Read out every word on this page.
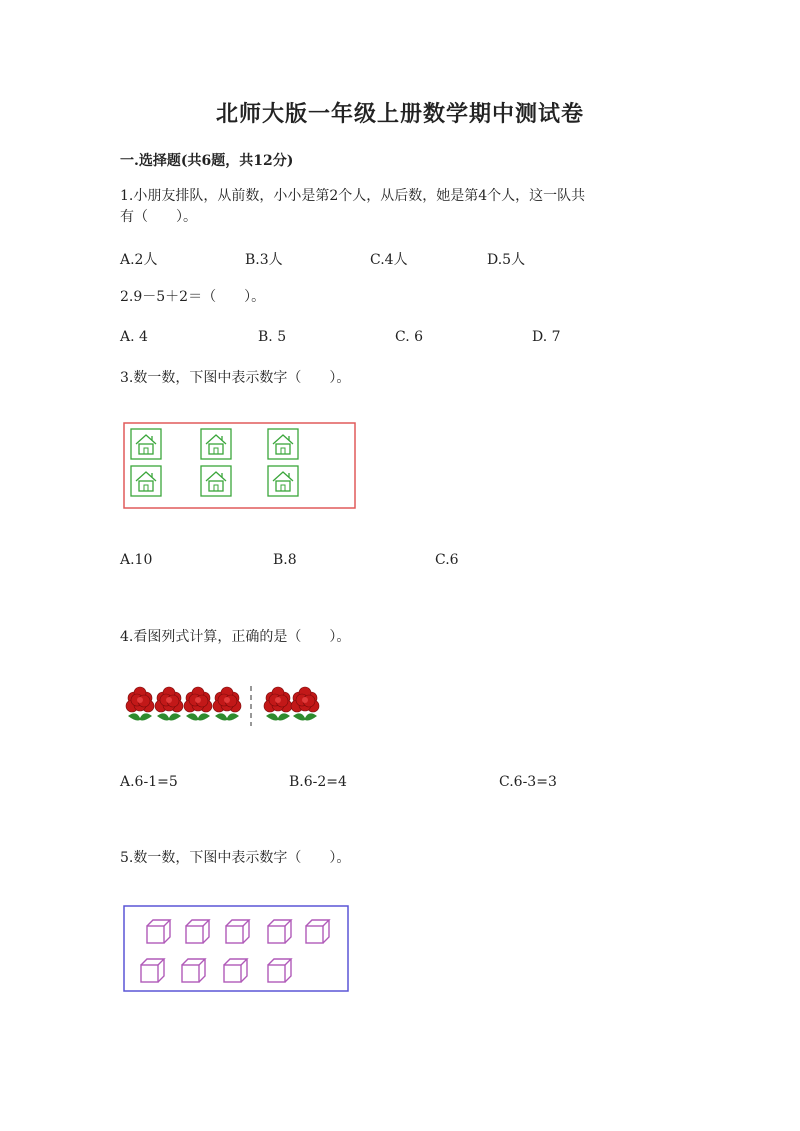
北师大版一年级上册数学期中测试卷
一.选择题(共6题，共12分)
1.小朋友排队，从前数，小小是第2个人，从后数，她是第4个人，这一队共
有（　　）。
A.2人	B.3人	C.4人	D.5人
2.9－5＋2＝（　　）。
A. 4	B. 5	C. 6	D. 7
3.数一数，下图中表示数字（　　）。
A.10	B.8	C.6
4.看图列式计算，正确的是（　　）。
A.6-1=5	B.6-2=4	C.6-3=3
5.数一数，下图中表示数字（　　）。
